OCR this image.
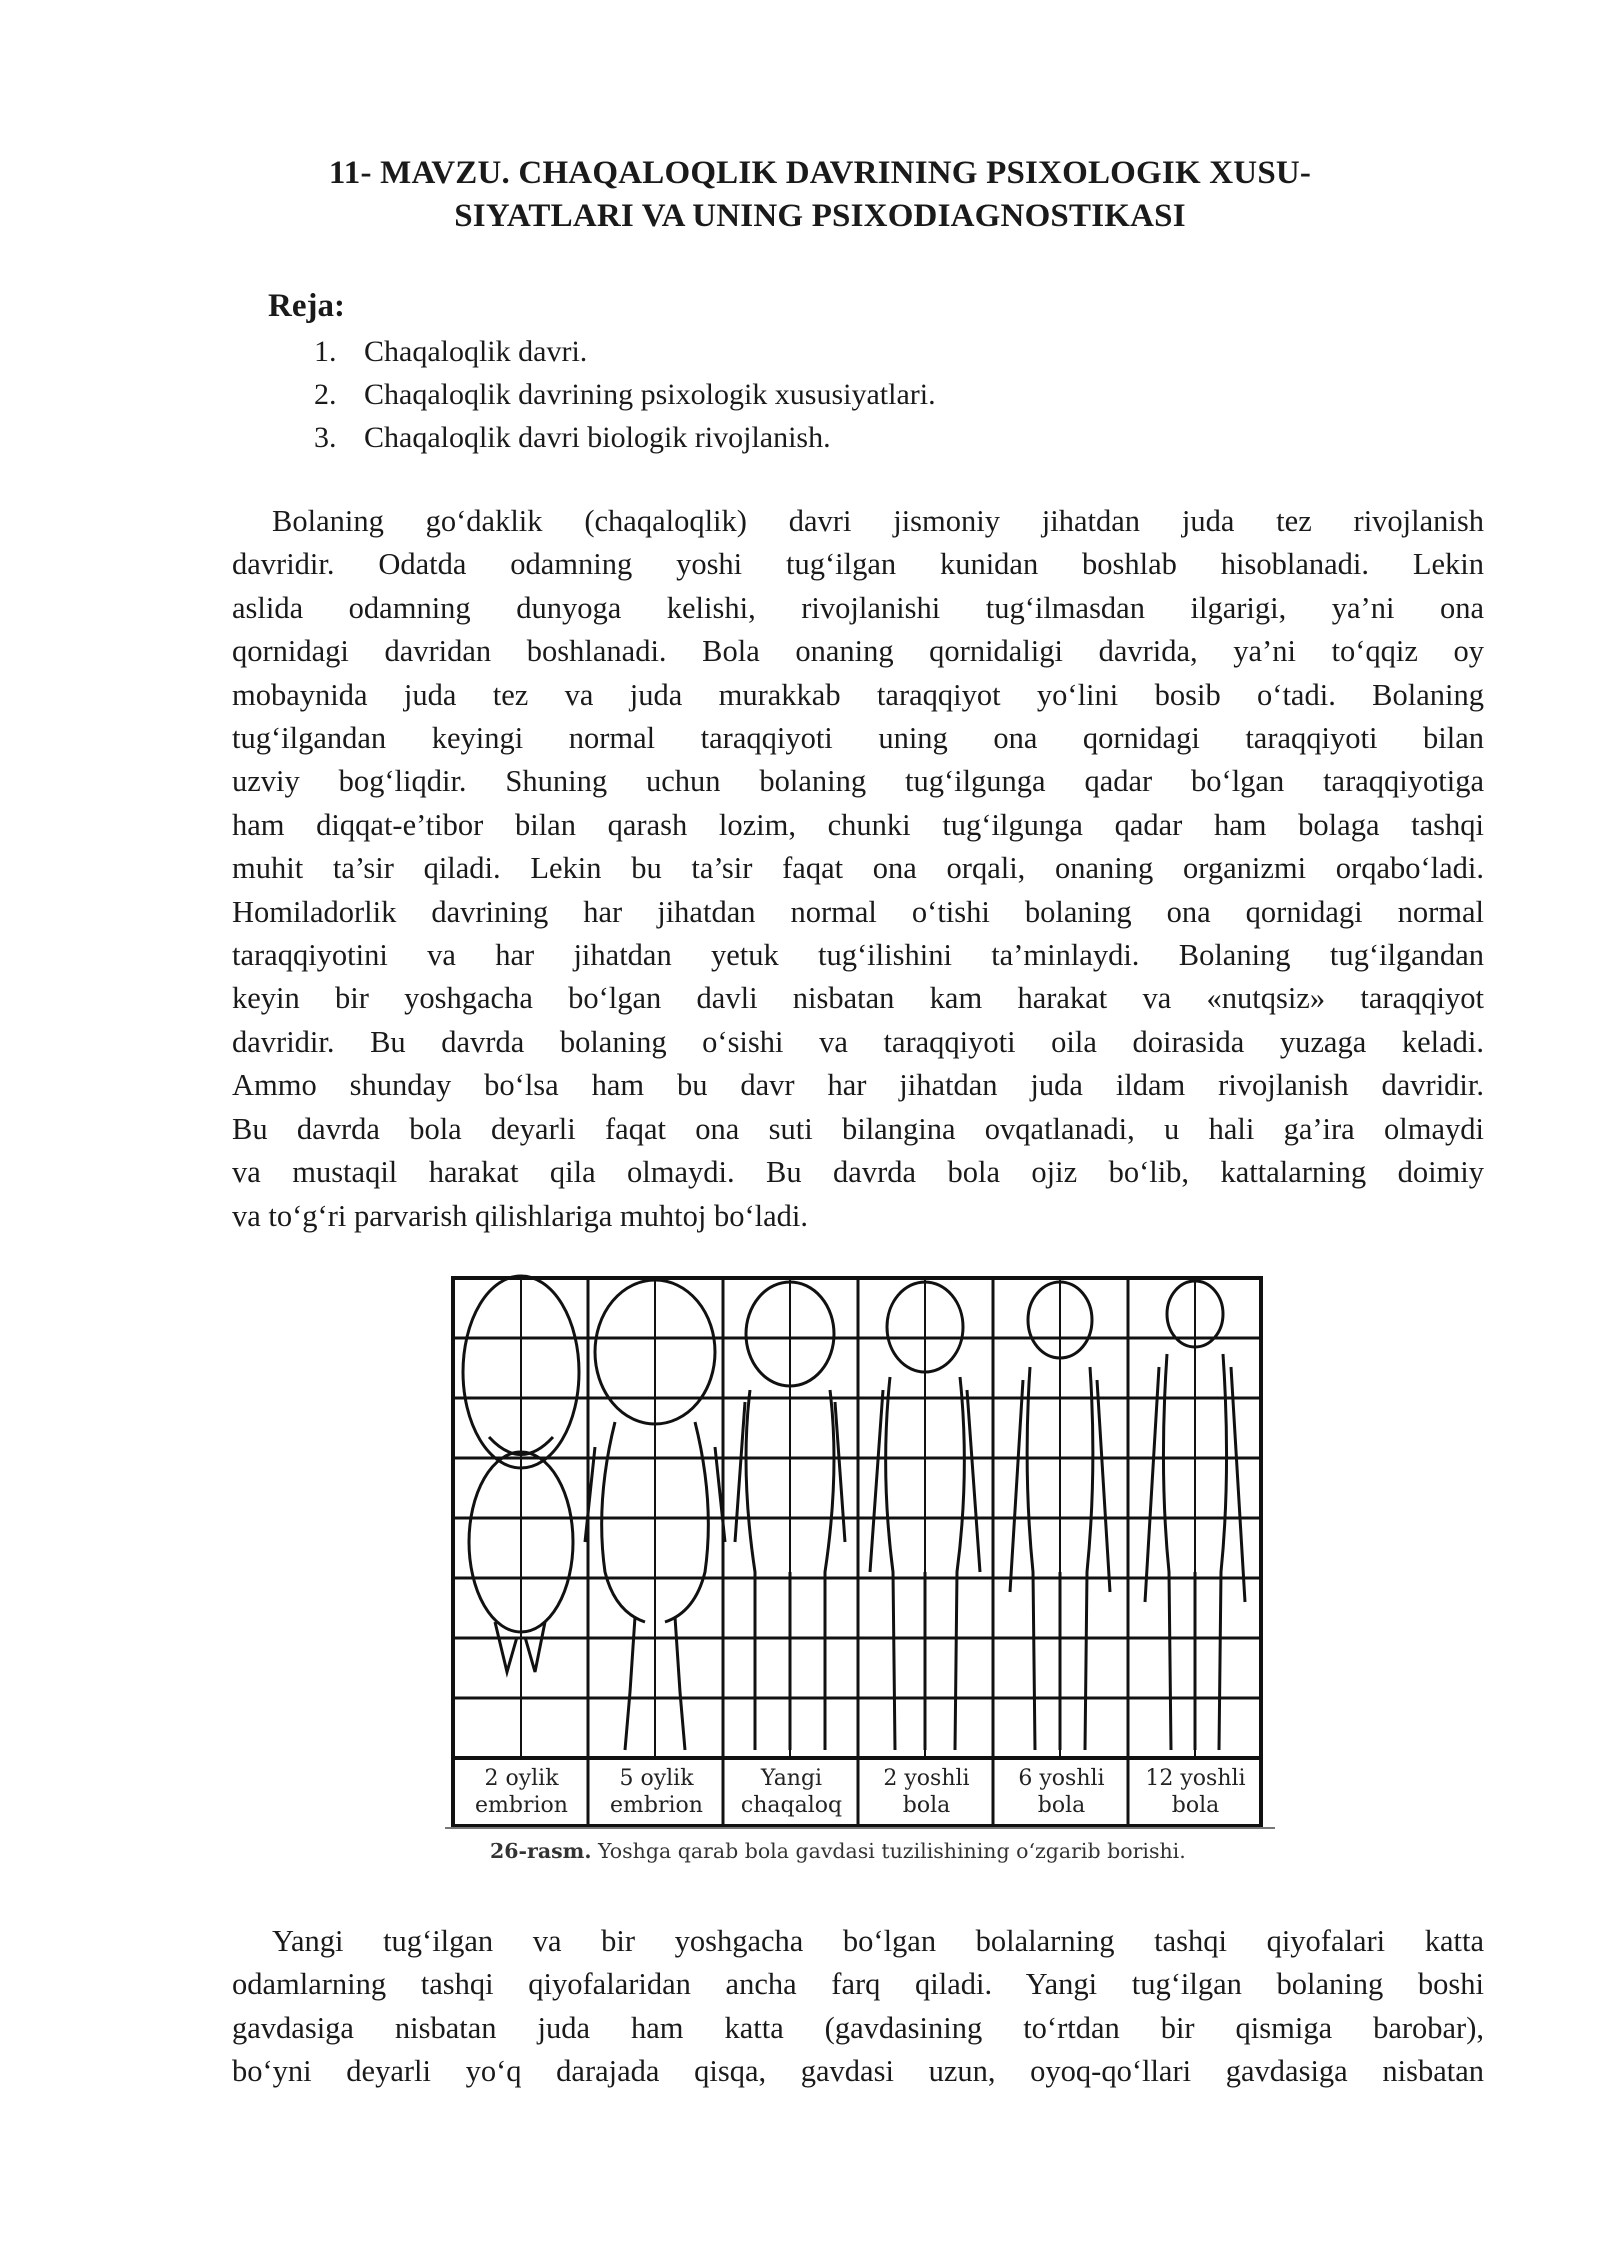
11- MAVZU. CHAQALOQLIK DAVRINING PSIXOLOGIK XUSU-
SIYATLARI VA UNING PSIXODIAGNOSTIKASI
Reja:
1. Chaqaloqlik davri.
2. Chaqaloqlik davrining psixologik xususiyatlari.
3. Chaqaloqlik davri biologik rivojlanish.
Bolaning go‘daklik (chaqaloqlik) davri jismoniy jihatdan juda tez rivojlanish
davridir. Odatda odamning yoshi tug‘ilgan kunidan boshlab hisoblanadi. Lekin
aslida odamning dunyoga kelishi, rivojlanishi tug‘ilmasdan ilgarigi, ya’ni ona
qornidagi davridan boshlanadi. Bola onaning qornidaligi davrida, ya’ni to‘qqiz oy
mobaynida juda tez va juda murakkab taraqqiyot yo‘lini bosib o‘tadi. Bolaning
tug‘ilgandan keyingi normal taraqqiyoti uning ona qornidagi taraqqiyoti bilan
uzviy bog‘liqdir. Shuning uchun bolaning tug‘ilgunga qadar bo‘lgan taraqqiyotiga
ham diqqat-e’tibor bilan qarash lozim, chunki tug‘ilgunga qadar ham bolaga tashqi
muhit ta’sir qiladi. Lekin bu ta’sir faqat ona orqali, onaning organizmi orqabo‘ladi.
Homiladorlik davrining har jihatdan normal o‘tishi bolaning ona qornidagi normal
taraqqiyotini va har jihatdan yetuk tug‘ilishini ta’minlaydi. Bolaning tug‘ilgandan
keyin bir yoshgacha bo‘lgan davli nisbatan kam harakat va «nutqsiz» taraqqiyot
davridir. Bu davrda bolaning o‘sishi va taraqqiyoti oila doirasida yuzaga keladi.
Ammo shunday bo‘lsa ham bu davr har jihatdan juda ildam rivojlanish davridir.
Bu davrda bola deyarli faqat ona suti bilangina ovqatlanadi, u hali ga’ira olmaydi
va mustaqil harakat qila olmaydi. Bu davrda bola ojiz bo‘lib, kattalarning doimiy
va to‘g‘ri parvarish qilishlariga muhtoj bo‘ladi.
2 oylik
embrion
5 oylik
embrion
Yangi
chaqaloq
2 yoshli
bola
6 yoshli
bola
12 yoshli
bola
26-rasm. Yoshga qarab bola gavdasi tuzilishining o‘zgarib borishi.
Yangi tug‘ilgan va bir yoshgacha bo‘lgan bolalarning tashqi qiyofalari katta
odamlarning tashqi qiyofalaridan ancha farq qiladi. Yangi tug‘ilgan bolaning boshi
gavdasiga nisbatan juda ham katta (gavdasining to‘rtdan bir qismiga barobar),
bo‘yni deyarli yo‘q darajada qisqa, gavdasi uzun, oyoq-qo‘llari gavdasiga nisbatan
